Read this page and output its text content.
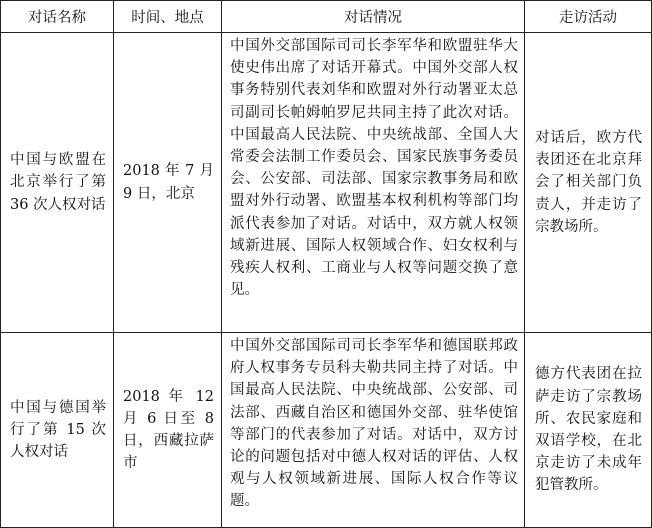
对话名称	时间、地点	对话情况	走访活动
中国与欧盟在北京举行了第 36 次人权对话	2018 年 7 月 9 日，北京	中国外交部国际司司长李军华和欧盟驻华大使史伟出席了对话开幕式。中国外交部人权事务特别代表刘华和欧盟对外行动署亚太总司副司长帕姆帕罗尼共同主持了此次对话。中国最高人民法院、中央统战部、全国人大常委会法制工作委员会、国家民族事务委员会、公安部、司法部、国家宗教事务局和欧盟对外行动署、欧盟基本权利机构等部门均派代表参加了对话。对话中，双方就人权领域新进展、国际人权领域合作、妇女权利与残疾人权利、工商业与人权等问题交换了意见。	对话后，欧方代表团还在北京拜会了相关部门负责人，并走访了宗教场所。
中国与德国举行了第 15 次人权对话	2018 年 12 月 6 日至 8 日，西藏拉萨市	中国外交部国际司司长李军华和德国联邦政府人权事务专员科夫勒共同主持了对话。中国最高人民法院、中央统战部、公安部、司法部、西藏自治区和德国外交部、驻华使馆等部门的代表参加了对话。对话中，双方讨论的问题包括对中德人权对话的评估、人权观与人权领域新进展、国际人权合作等议题。	德方代表团在拉萨走访了宗教场所、农民家庭和双语学校，在北京走访了未成年犯管教所。
